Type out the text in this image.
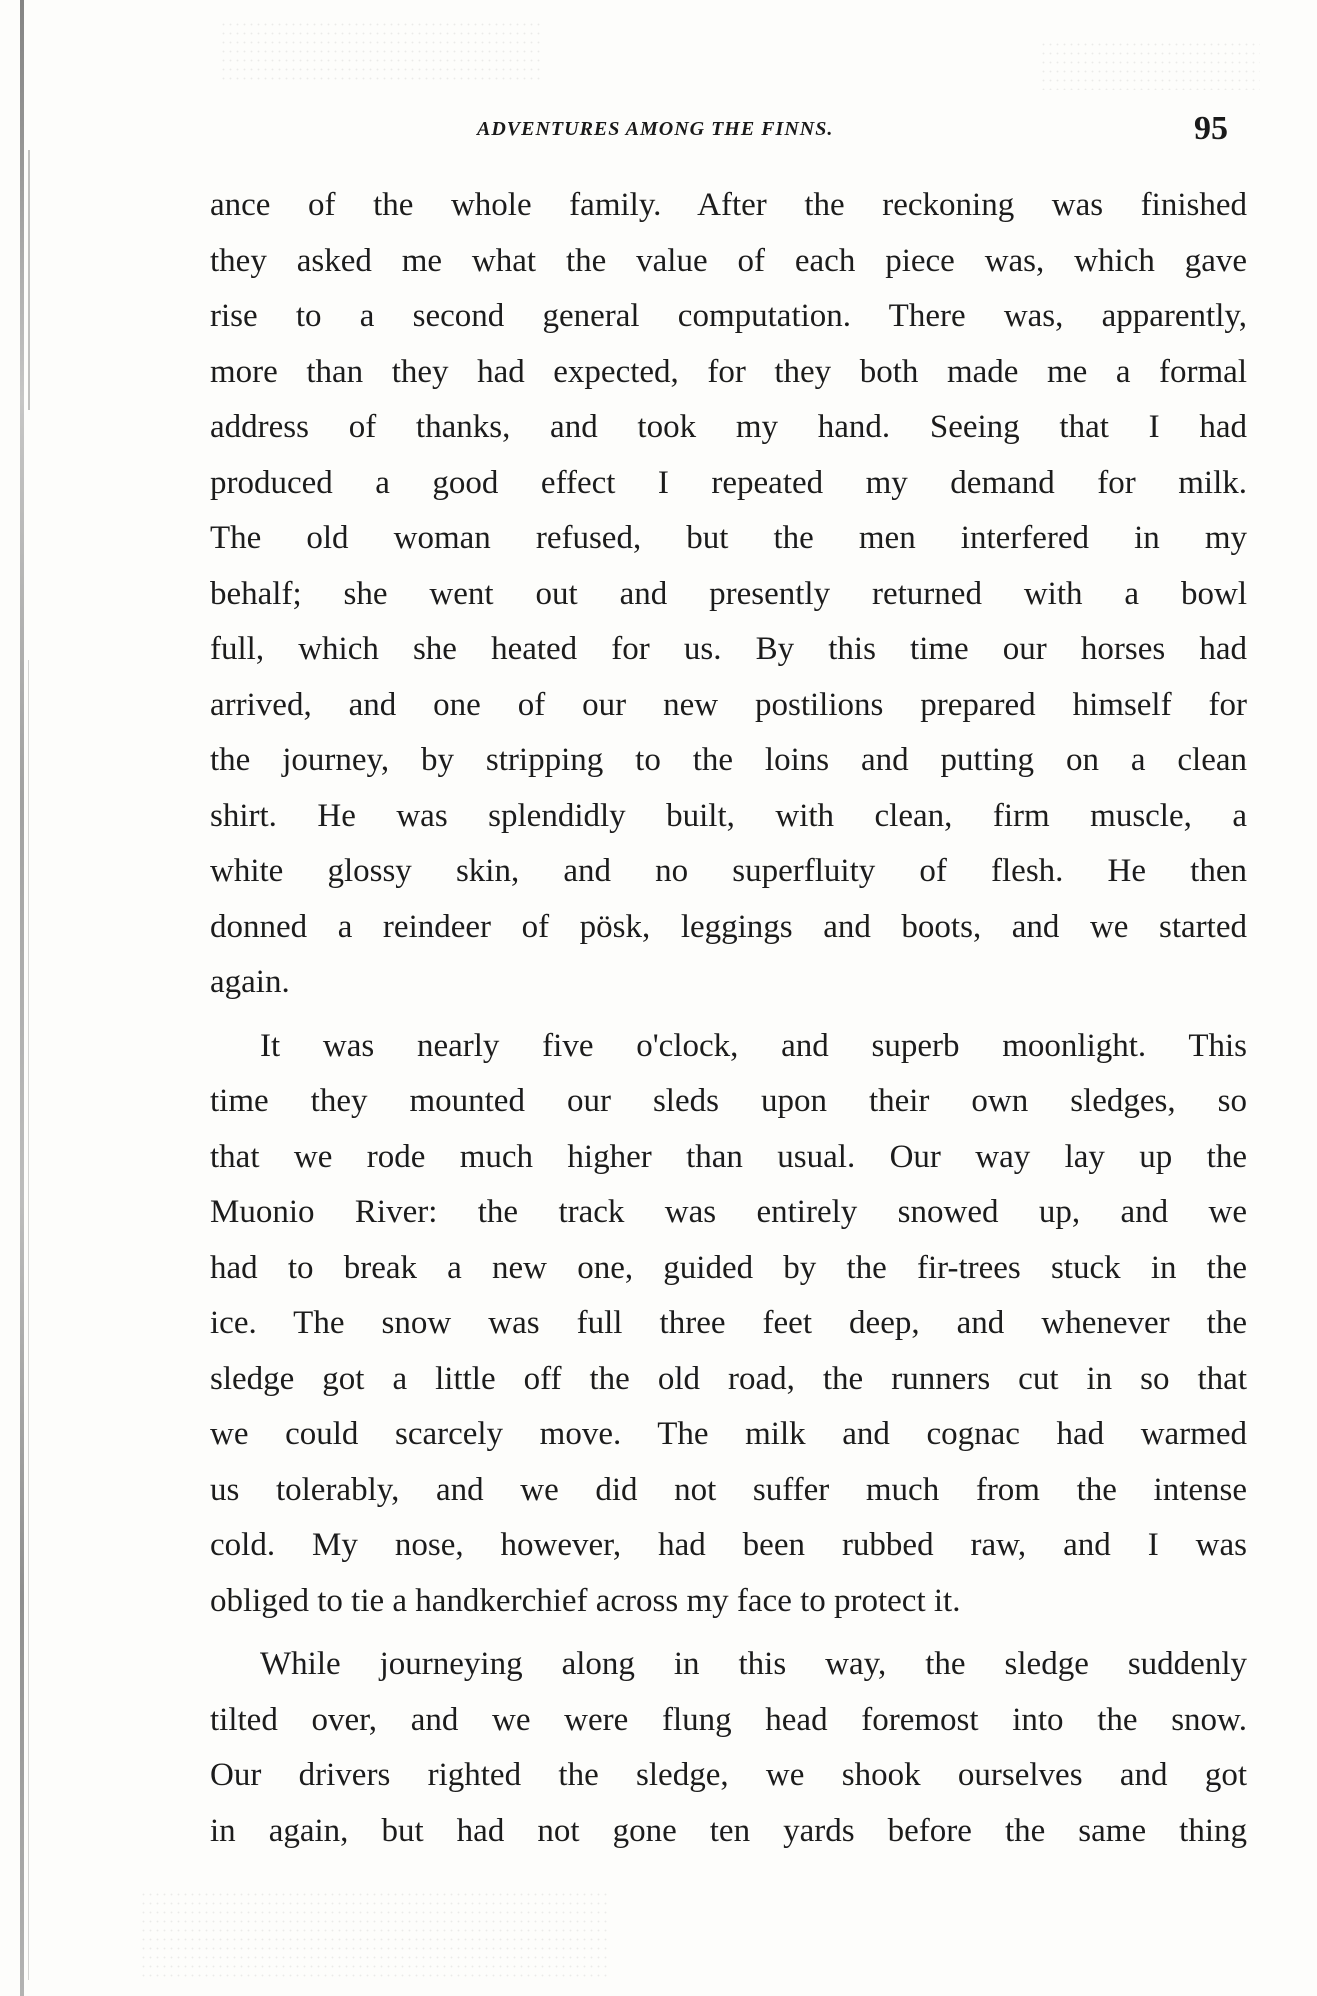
ADVENTURES AMONG THE FINNS.	95
ance of the whole family. After the reckoning was finished
they asked me what the value of each piece was, which gave
rise to a second general computation. There was, apparently,
more than they had expected, for they both made me a formal
address of thanks, and took my hand. Seeing that I had
produced a good effect I repeated my demand for milk.
The old woman refused, but the men interfered in my
behalf; she went out and presently returned with a bowl
full, which she heated for us. By this time our horses had
arrived, and one of our new postilions prepared himself for
the journey, by stripping to the loins and putting on a clean
shirt. He was splendidly built, with clean, firm muscle, a
white glossy skin, and no superfluity of flesh. He then
donned a reindeer of pösk, leggings and boots, and we started
again.
It was nearly five o'clock, and superb moonlight. This
time they mounted our sleds upon their own sledges, so
that we rode much higher than usual. Our way lay up the
Muonio River: the track was entirely snowed up, and we
had to break a new one, guided by the fir-trees stuck in the
ice. The snow was full three feet deep, and whenever the
sledge got a little off the old road, the runners cut in so that
we could scarcely move. The milk and cognac had warmed
us tolerably, and we did not suffer much from the intense
cold. My nose, however, had been rubbed raw, and I was
obliged to tie a handkerchief across my face to protect it.
While journeying along in this way, the sledge suddenly
tilted over, and we were flung head foremost into the snow.
Our drivers righted the sledge, we shook ourselves and got
in again, but had not gone ten yards before the same thing
